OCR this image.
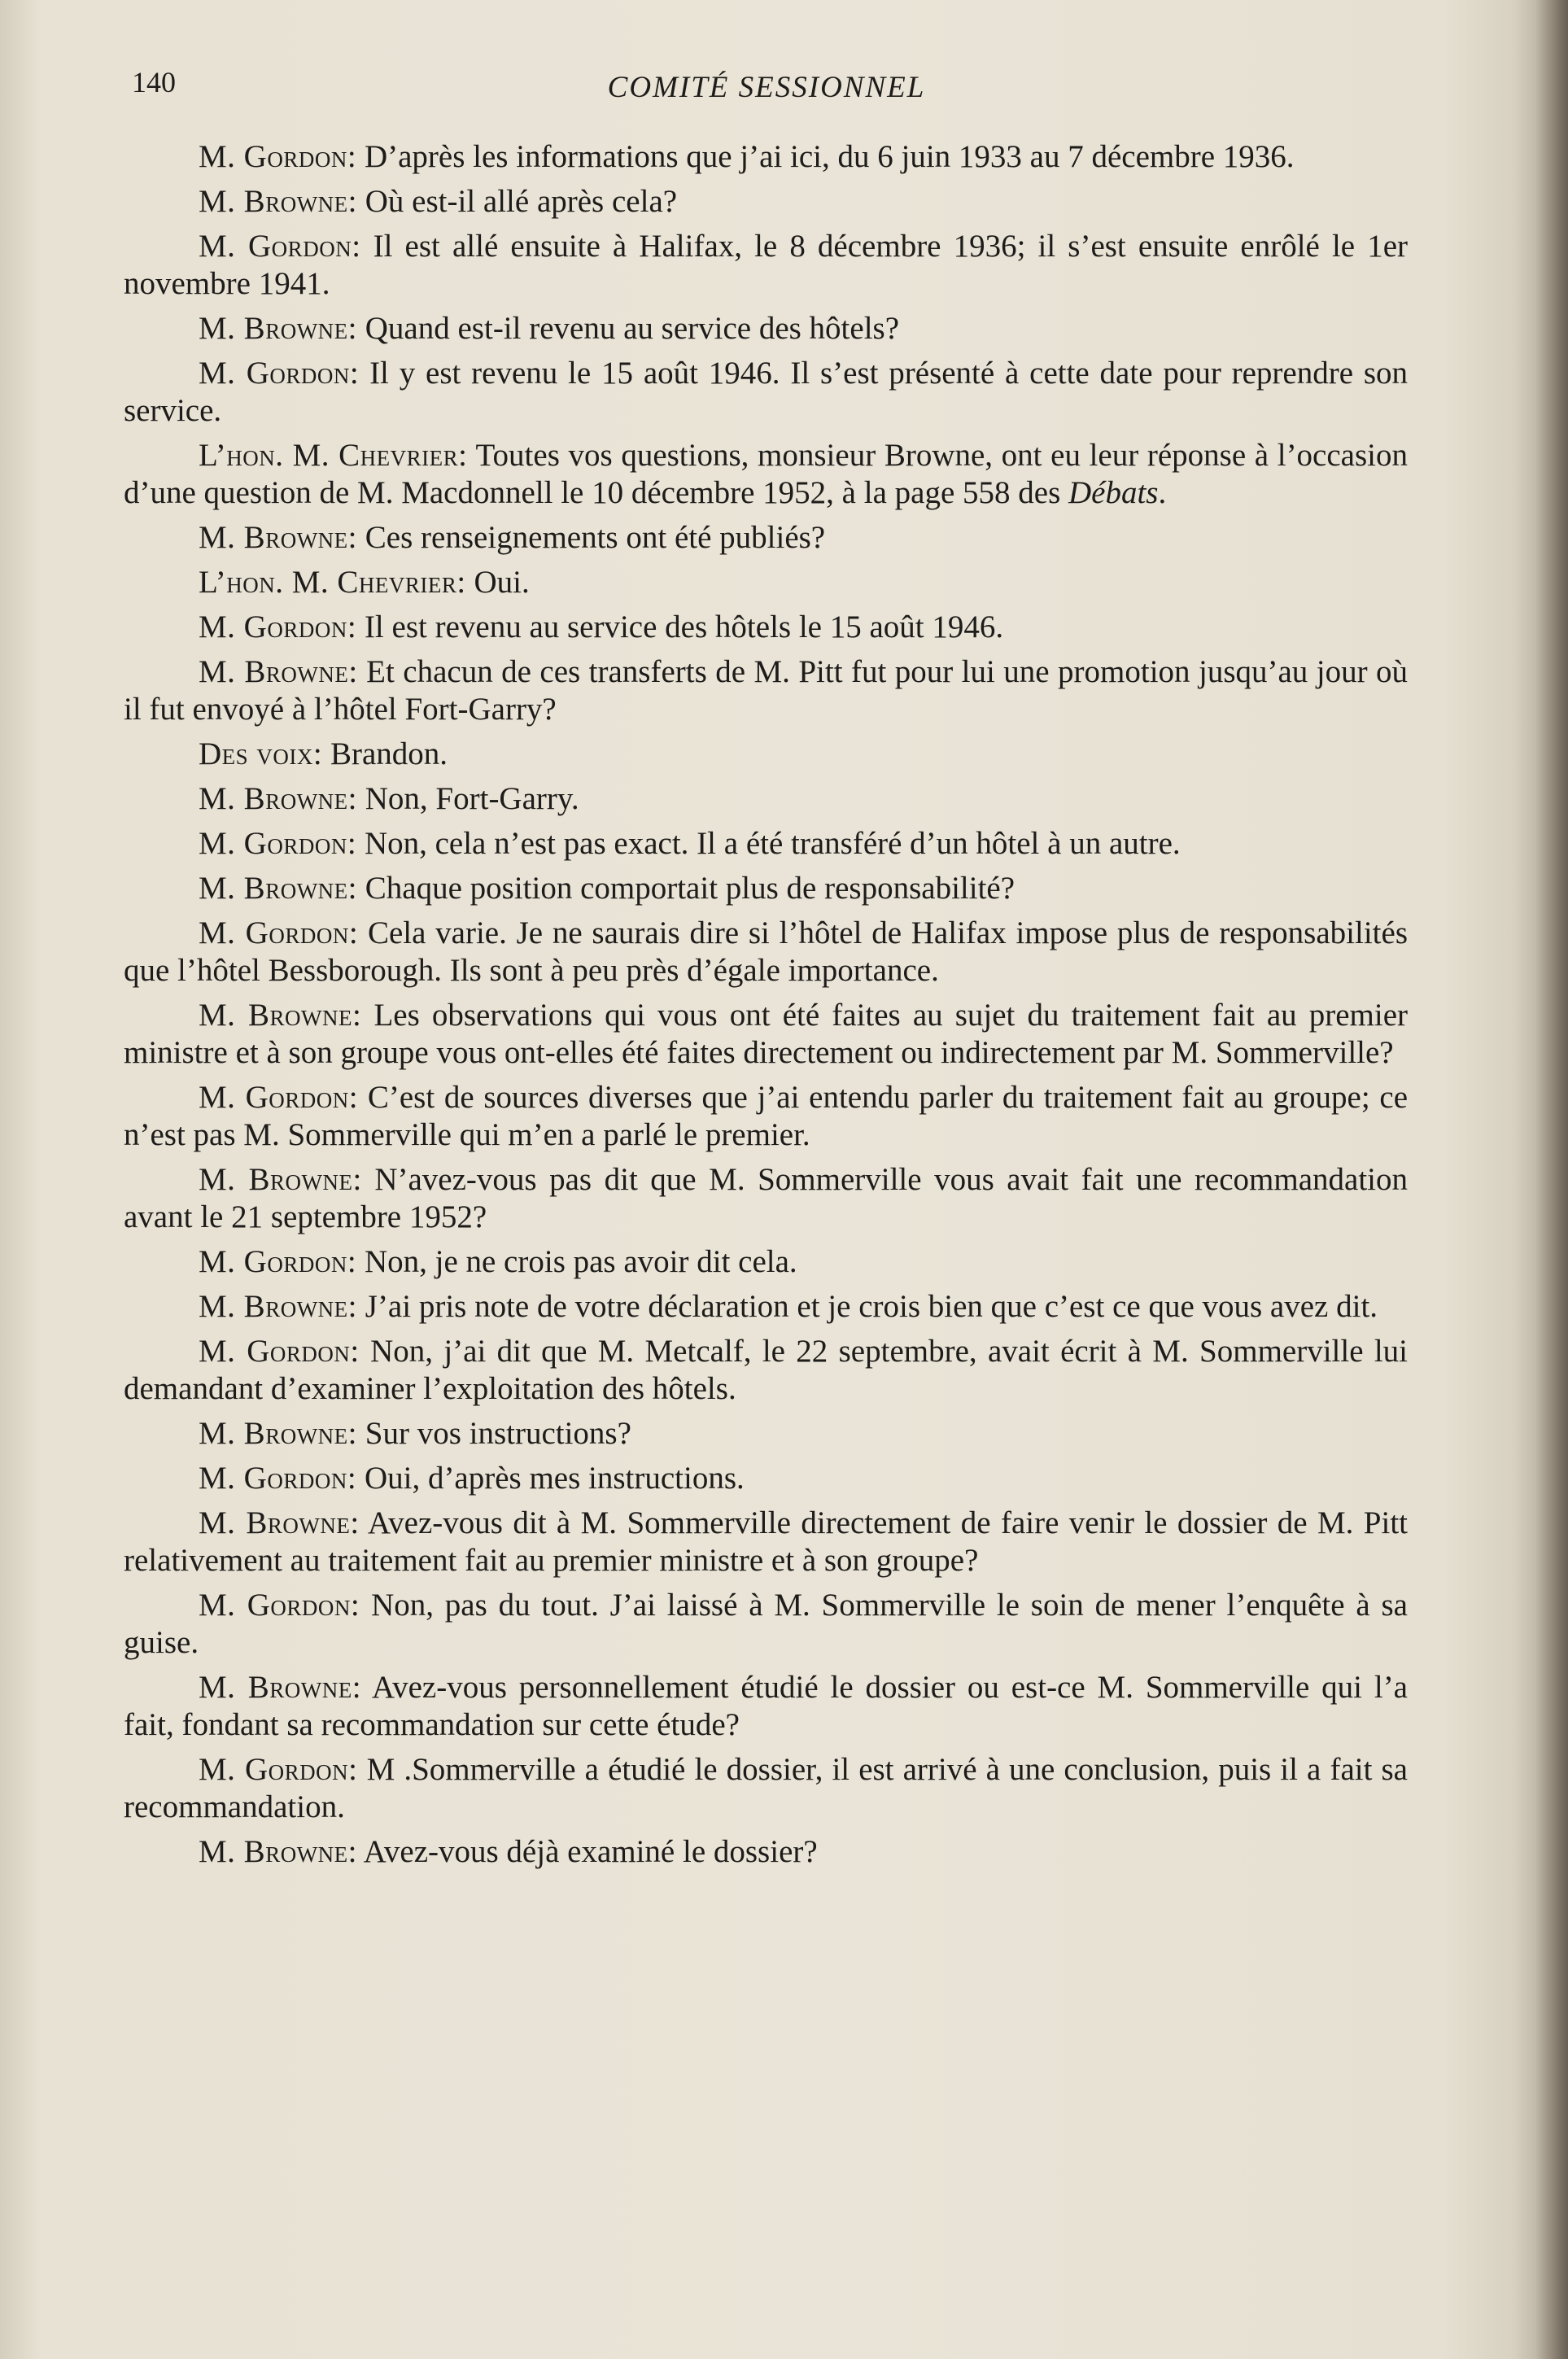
140	COMITÉ SESSIONNEL

M. Gordon: D’après les informations que j’ai ici, du 6 juin 1933 au 7 décembre 1936.

M. Browne: Où est-il allé après cela?

M. Gordon: Il est allé ensuite à Halifax, le 8 décembre 1936; il s’est ensuite enrôlé le 1er novembre 1941.

M. Browne: Quand est-il revenu au service des hôtels?

M. Gordon: Il y est revenu le 15 août 1946. Il s’est présenté à cette date pour reprendre son service.

L’hon. M. Chevrier: Toutes vos questions, monsieur Browne, ont eu leur réponse à l’occasion d’une question de M. Macdonnell le 10 décembre 1952, à la page 558 des Débats.

M. Browne: Ces renseignements ont été publiés?

L’hon. M. Chevrier: Oui.

M. Gordon: Il est revenu au service des hôtels le 15 août 1946.

M. Browne: Et chacun de ces transferts de M. Pitt fut pour lui une promotion jusqu’au jour où il fut envoyé à l’hôtel Fort-Garry?

Des voix: Brandon.

M. Browne: Non, Fort-Garry.

M. Gordon: Non, cela n’est pas exact. Il a été transféré d’un hôtel à un autre.

M. Browne: Chaque position comportait plus de responsabilité?

M. Gordon: Cela varie. Je ne saurais dire si l’hôtel de Halifax impose plus de responsabilités que l’hôtel Bessborough. Ils sont à peu près d’égale importance.

M. Browne: Les observations qui vous ont été faites au sujet du traitement fait au premier ministre et à son groupe vous ont-elles été faites directement ou indirectement par M. Sommerville?

M. Gordon: C’est de sources diverses que j’ai entendu parler du traitement fait au groupe; ce n’est pas M. Sommerville qui m’en a parlé le premier.

M. Browne: N’avez-vous pas dit que M. Sommerville vous avait fait une recommandation avant le 21 septembre 1952?

M. Gordon: Non, je ne crois pas avoir dit cela.

M. Browne: J’ai pris note de votre déclaration et je crois bien que c’est ce que vous avez dit.

M. Gordon: Non, j’ai dit que M. Metcalf, le 22 septembre, avait écrit à M. Sommerville lui demandant d’examiner l’exploitation des hôtels.

M. Browne: Sur vos instructions?

M. Gordon: Oui, d’après mes instructions.

M. Browne: Avez-vous dit à M. Sommerville directement de faire venir le dossier de M. Pitt relativement au traitement fait au premier ministre et à son groupe?

M. Gordon: Non, pas du tout. J’ai laissé à M. Sommerville le soin de mener l’enquête à sa guise.

M. Browne: Avez-vous personnellement étudié le dossier ou est-ce M. Sommerville qui l’a fait, fondant sa recommandation sur cette étude?

M. Gordon: M .Sommerville a étudié le dossier, il est arrivé à une conclusion, puis il a fait sa recommandation.

M. Browne: Avez-vous déjà examiné le dossier?
